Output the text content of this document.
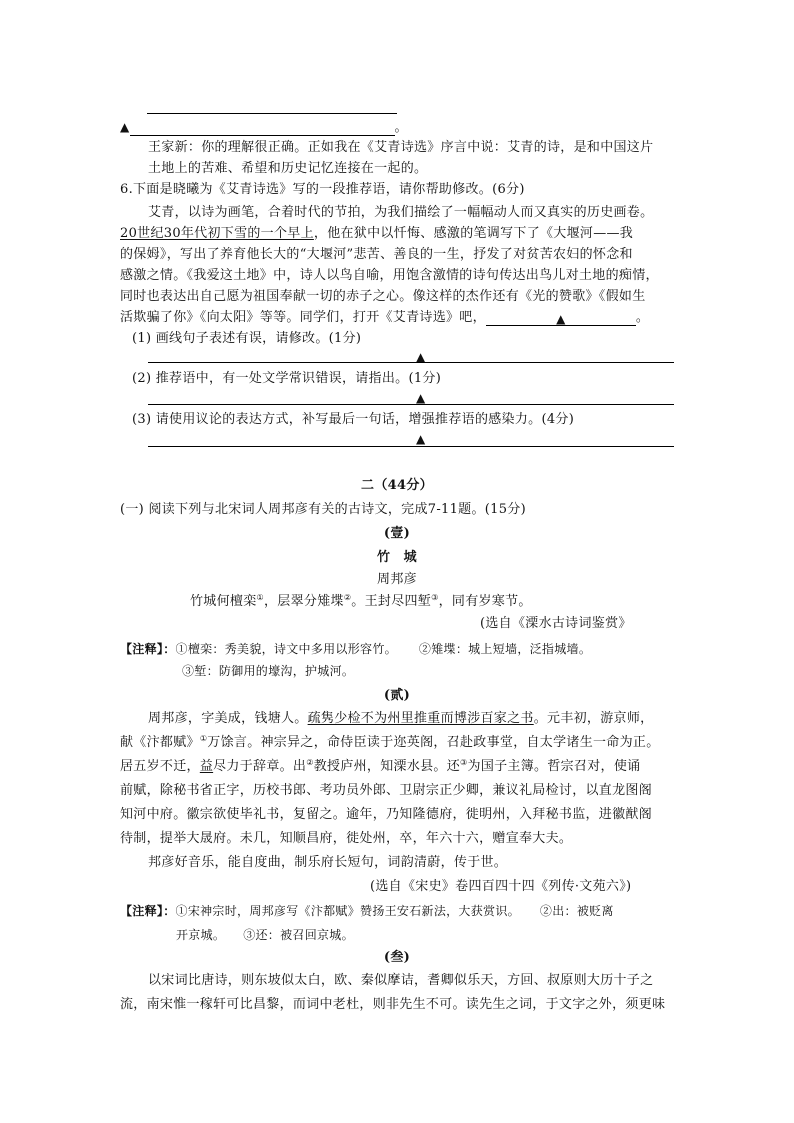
▲	。
王家新：你的理解很正确。正如我在《艾青诗选》序言中说：艾青的诗，是和中国这片
土地上的苦难、希望和历史记忆连接在一起的。
6.下面是晓曦为《艾青诗选》写的一段推荐语，请你帮助修改。(6分)
艾青，以诗为画笔，合着时代的节拍，为我们描绘了一幅幅动人而又真实的历史画卷。
20世纪30年代初下雪的一个早上，他在狱中以忏悔、感激的笔调写下了《大堰河——我
的保姆》，写出了养育他长大的“大堰河”悲苦、善良的一生，抒发了对贫苦农妇的怀念和
感激之情。《我爱这土地》中，诗人以鸟自喻，用饱含激情的诗句传达出鸟儿对土地的痴情，
同时也表达出自己愿为祖国奉献一切的赤子之心。像这样的杰作还有《光的赞歌》《假如生
活欺骗了你》《向太阳》等等。同学们，打开《艾青诗选》吧，	▲	。
(1) 画线句子表述有误，请修改。(1分)
▲
(2) 推荐语中，有一处文学常识错误，请指出。(1分)
▲
(3) 请使用议论的表达方式，补写最后一句话，增强推荐语的感染力。(4分)
▲
二（44分）
(一) 阅读下列与北宋词人周邦彦有关的古诗文，完成7-11题。(15分)
(壹)
竹　城
周邦彦
竹城何檀栾①，层翠分雉堞②。王封尽四堑③，同有岁寒节。
(选自《溧水古诗词鉴赏》
【注释】：①檀栾：秀美貌，诗文中多用以形容竹。 ②雉堞：城上短墙，泛指城墙。
③堑：防御用的壕沟，护城河。
(贰)
周邦彦，字美成，钱塘人。疏隽少检不为州里推重而博涉百家之书。元丰初，游京师，
献《汴都赋》①万馀言。神宗异之，命侍臣读于迩英阁，召赴政事堂，自太学诸生一命为正。
居五岁不迁，益尽力于辞章。出②教授庐州，知溧水县。还③为国子主簿。哲宗召对，使诵
前赋，除秘书省正字，历校书郎、考功员外郎、卫尉宗正少卿，兼议礼局检讨，以直龙图阁
知河中府。徽宗欲使毕礼书，复留之。逾年，乃知隆德府，徙明州，入拜秘书监，进徽猷阁
待制，提举大晟府。未几，知顺昌府，徙处州，卒，年六十六，赠宣奉大夫。
邦彦好音乐，能自度曲，制乐府长短句，词韵清蔚，传于世。
(选自《宋史》卷四百四十四《列传·文苑六》)
【注释】：①宋神宗时，周邦彦写《汴都赋》赞扬王安石新法，大获赏识。 ②出：被贬离
开京城。 ③还：被召回京城。
(叁)
以宋词比唐诗，则东坡似太白，欧、秦似摩诘，耆卿似乐天，方回、叔原则大历十子之
流，南宋惟一稼轩可比昌黎，而词中老杜，则非先生不可。读先生之词，于文字之外，须更味
